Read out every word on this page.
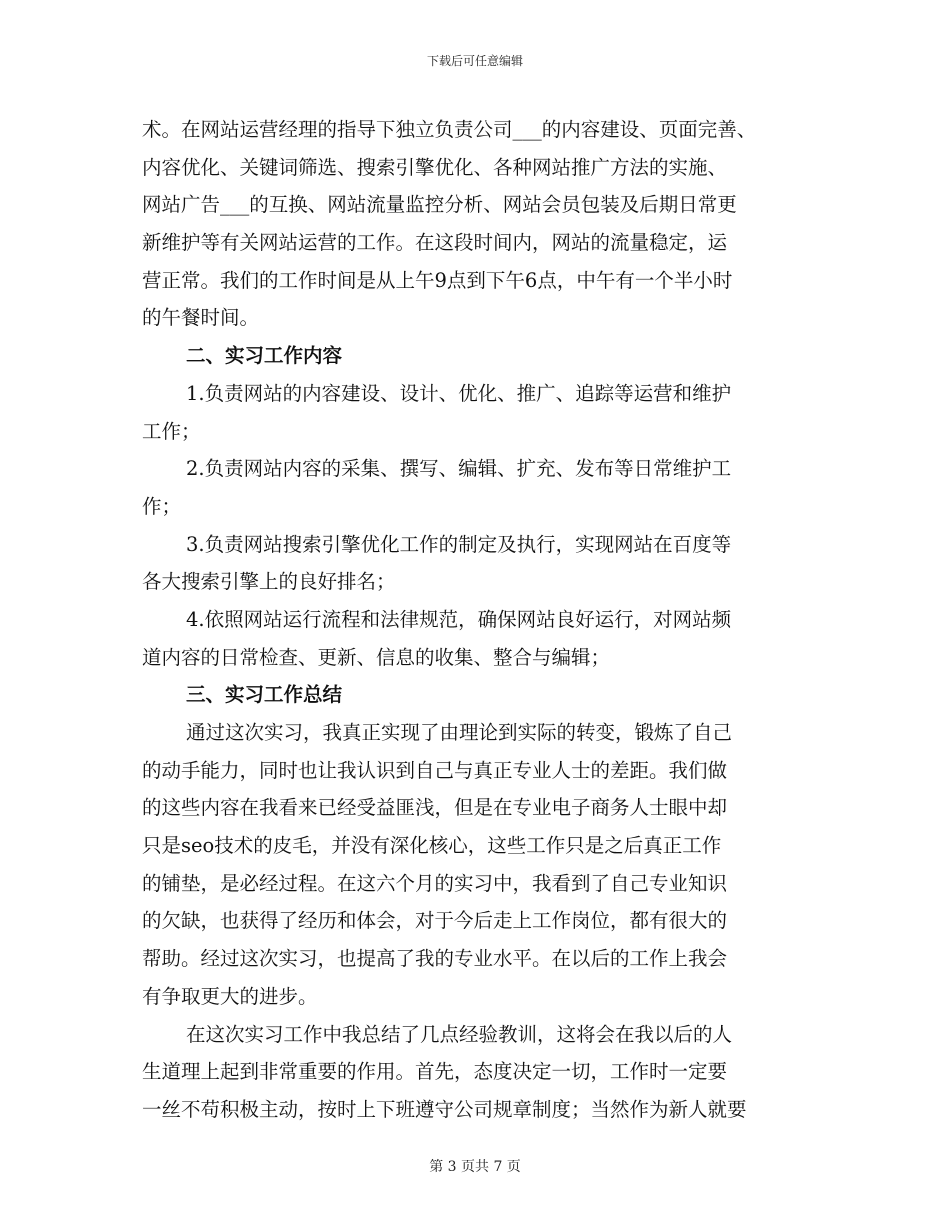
下载后可任意编辑
术。在网站运营经理的指导下独立负责公司___的内容建设、页面完善、
内容优化、关键词筛选、搜索引擎优化、各种网站推广方法的实施、
网站广告___的互换、网站流量监控分析、网站会员包装及后期日常更
新维护等有关网站运营的工作。在这段时间内，网站的流量稳定，运
营正常。我们的工作时间是从上午9点到下午6点，中午有一个半小时
的午餐时间。
二、实习工作内容
1.负责网站的内容建设、设计、优化、推广、追踪等运营和维护
工作；
2.负责网站内容的采集、撰写、编辑、扩充、发布等日常维护工
作；
3.负责网站搜索引擎优化工作的制定及执行，实现网站在百度等
各大搜索引擎上的良好排名；
4.依照网站运行流程和法律规范，确保网站良好运行，对网站频
道内容的日常检查、更新、信息的收集、整合与编辑；
三、实习工作总结
通过这次实习，我真正实现了由理论到实际的转变，锻炼了自己
的动手能力，同时也让我认识到自己与真正专业人士的差距。我们做
的这些内容在我看来已经受益匪浅，但是在专业电子商务人士眼中却
只是seo技术的皮毛，并没有深化核心，这些工作只是之后真正工作
的铺垫，是必经过程。在这六个月的实习中，我看到了自己专业知识
的欠缺，也获得了经历和体会，对于今后走上工作岗位，都有很大的
帮助。经过这次实习，也提高了我的专业水平。在以后的工作上我会
有争取更大的进步。
在这次实习工作中我总结了几点经验教训，这将会在我以后的人
生道理上起到非常重要的作用。首先，态度决定一切，工作时一定要
一丝不苟积极主动，按时上下班遵守公司规章制度；当然作为新人就要
第 3 页共 7 页
